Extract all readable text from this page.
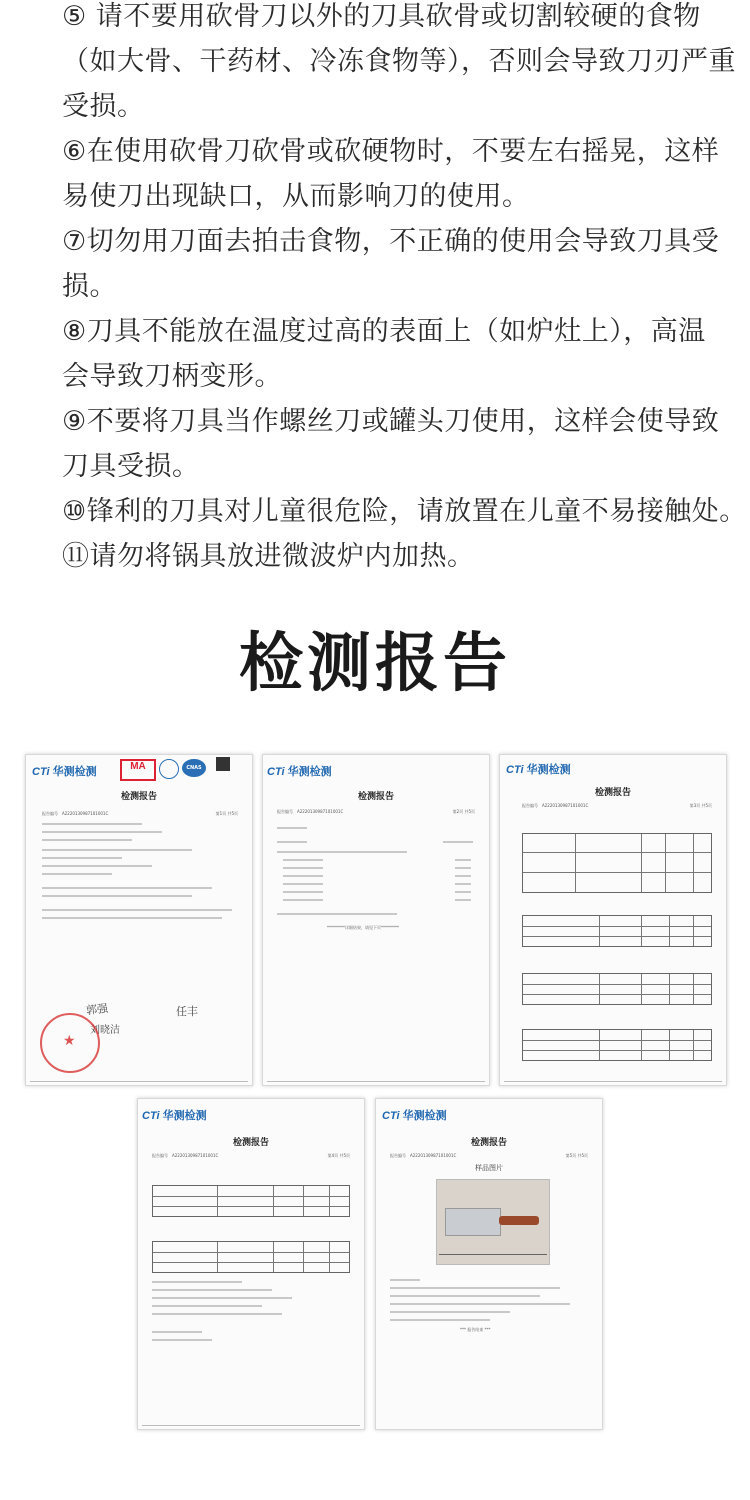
⑤ 请不要用砍骨刀以外的刀具砍骨或切割较硬的食物
（如大骨、干药材、冷冻食物等），否则会导致刀刃严重
受损。
⑥在使用砍骨刀砍骨或砍硬物时，不要左右摇晃，这样
易使刀出现缺口，从而影响刀的使用。
⑦切勿用刀面去拍击食物，不正确的使用会导致刀具受
损。
⑧刀具不能放在温度过高的表面上（如炉灶上），高温
会导致刀柄变形。
⑨不要将刀具当作螺丝刀或罐头刀使用，这样会使导致
刀具受损。
⑩锋利的刀具对儿童很危险，请放置在儿童不易接触处。
⑪请勿将锅具放进微波炉内加热。
检测报告
CTi 华测检测	MA	CNAS
检测报告
报告编号　A2220130987101001C	第1页 共5页
郭强	任丰
刘晓洁
★
CTi 华测检测
检测报告
报告编号　A2220130987101001C	第2页 共5页
*********详细结果，请见下页*********
CTi 华测检测
检测报告
报告编号　A2220130987101001C	第3页 共5页
CTi 华测检测
检测报告
报告编号　A2220130987101001C	第4页 共5页
CTi 华测检测
检测报告
报告编号　A2220130987101001C	第5页 共5页
样品图片
*** 报告结束 ***
